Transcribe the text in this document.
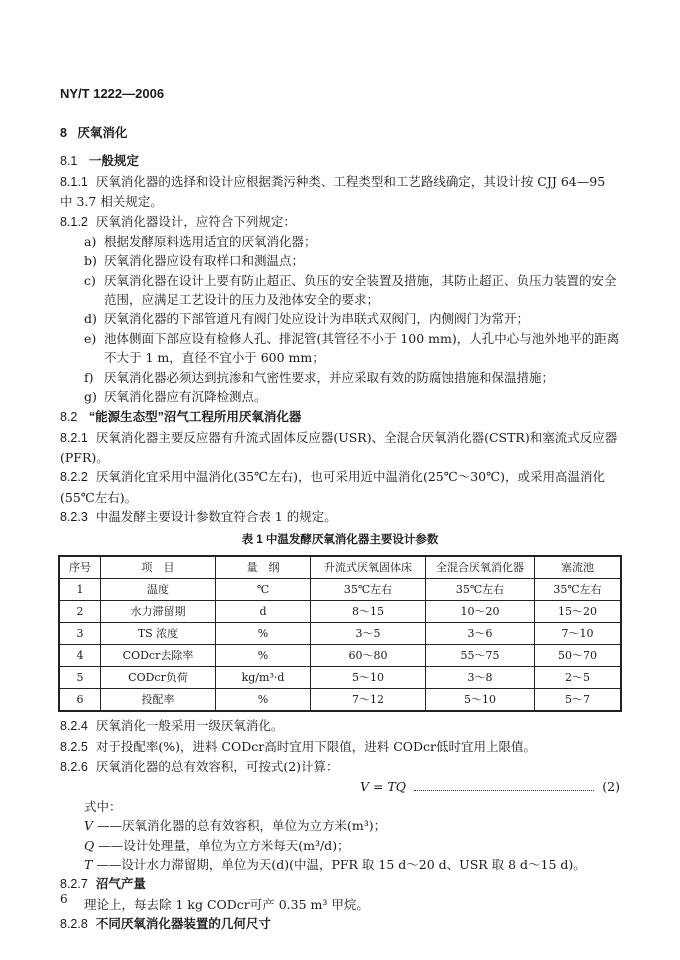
NY/T 1222—2006
8 厌氧消化
8.1 一般规定
8.1.1 厌氧消化器的选择和设计应根据粪污种类、工程类型和工艺路线确定，其设计按 CJJ 64—95 中 3.7 相关规定。
8.1.2 厌氧消化器设计，应符合下列规定：
a) 根据发酵原料选用适宜的厌氧消化器；
b) 厌氧消化器应设有取样口和测温点；
c) 厌氧消化器在设计上要有防止超正、负压的安全装置及措施，其防止超正、负压力装置的安全范围，应满足工艺设计的压力及池体安全的要求；
d) 厌氧消化器的下部管道凡有阀门处应设计为串联式双阀门，内侧阀门为常开；
e) 池体侧面下部应设有检修人孔、排泥管(其管径不小于 100 mm)，人孔中心与池外地平的距离不大于 1 m，直径不宜小于 600 mm；
f) 厌氧消化器必须达到抗渗和气密性要求，并应采取有效的防腐蚀措施和保温措施；
g) 厌氧消化器应有沉降检测点。
8.2 “能源生态型”沼气工程所用厌氧消化器
8.2.1 厌氧消化器主要反应器有升流式固体反应器(USR)、全混合厌氧消化器(CSTR)和塞流式反应器(PFR)。
8.2.2 厌氧消化宜采用中温消化(35℃左右)，也可采用近中温消化(25℃～30℃)，或采用高温消化(55℃左右)。
8.2.3 中温发酵主要设计参数宜符合表 1 的规定。
表 1 中温发酵厌氧消化器主要设计参数
序号	项　目	量　纲	升流式厌氧固体床	全混合厌氧消化器	塞流池
1	温度	℃	35℃左右	35℃左右	35℃左右
2	水力滞留期	d	8～15	10～20	15～20
3	TS 浓度	%	3～5	3～6	7～10
4	CODcr去除率	%	60～80	55～75	50～70
5	CODcr负荷	kg/m³·d	5～10	3～8	2～5
6	投配率	%	7～12	5～10	5～7
8.2.4 厌氧消化一般采用一级厌氧消化。
8.2.5 对于投配率(%)，进料 CODcr高时宜用下限值，进料 CODcr低时宜用上限值。
8.2.6 厌氧消化器的总有效容积，可按式(2)计算：
V = TQ	(2)
式中：
V ——厌氧消化器的总有效容积，单位为立方米(m³)；
Q ——设计处理量，单位为立方米每天(m³/d)；
T ——设计水力滞留期，单位为天(d)(中温，PFR 取 15 d～20 d、USR 取 8 d～15 d)。
8.2.7 沼气产量
理论上，每去除 1 kg CODcr可产 0.35 m³ 甲烷。
8.2.8 不同厌氧消化器装置的几何尺寸
6
